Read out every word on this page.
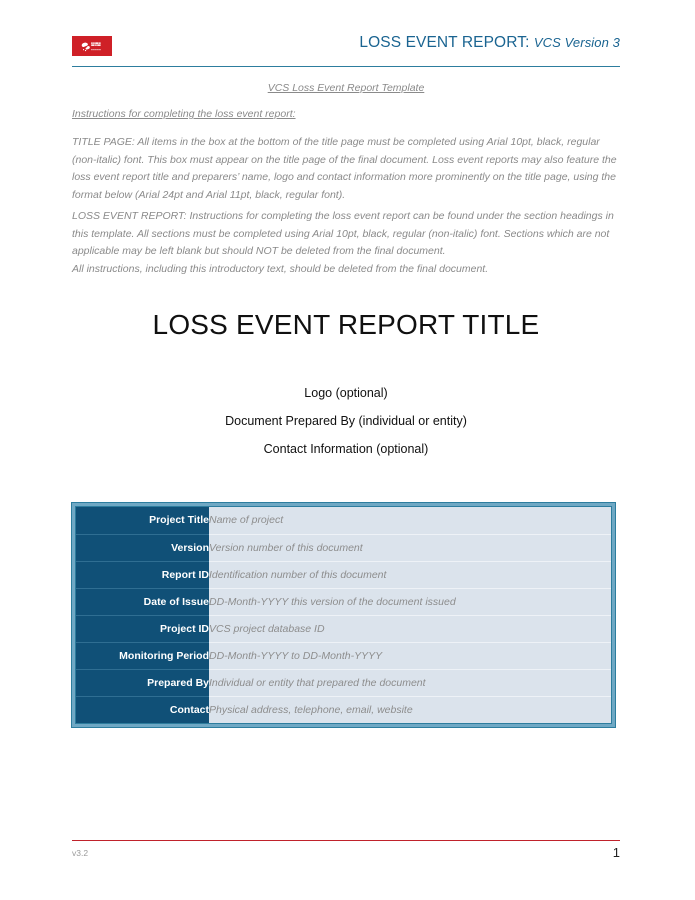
LOSS EVENT REPORT: VCS Version 3
VCS Loss Event Report Template
Instructions for completing the loss event report:
TITLE PAGE: All items in the box at the bottom of the title page must be completed using Arial 10pt, black, regular (non-italic) font. This box must appear on the title page of the final document. Loss event reports may also feature the loss event report title and preparers’ name, logo and contact information more prominently on the title page, using the format below (Arial 24pt and Arial 11pt, black, regular font).
LOSS EVENT REPORT: Instructions for completing the loss event report can be found under the section headings in this template. All sections must be completed using Arial 10pt, black, regular (non-italic) font. Sections which are not applicable may be left blank but should NOT be deleted from the final document.
All instructions, including this introductory text, should be deleted from the final document.
LOSS EVENT REPORT TITLE
Logo (optional)
Document Prepared By (individual or entity)
Contact Information (optional)
Project Title	Name of project
Version	Version number of this document
Report ID	Identification number of this document
Date of Issue	DD-Month-YYYY this version of the document issued
Project ID	VCS project database ID
Monitoring Period	DD-Month-YYYY to DD-Month-YYYY
Prepared By	Individual or entity that prepared the document
Contact	Physical address, telephone, email, website
v3.2	1
